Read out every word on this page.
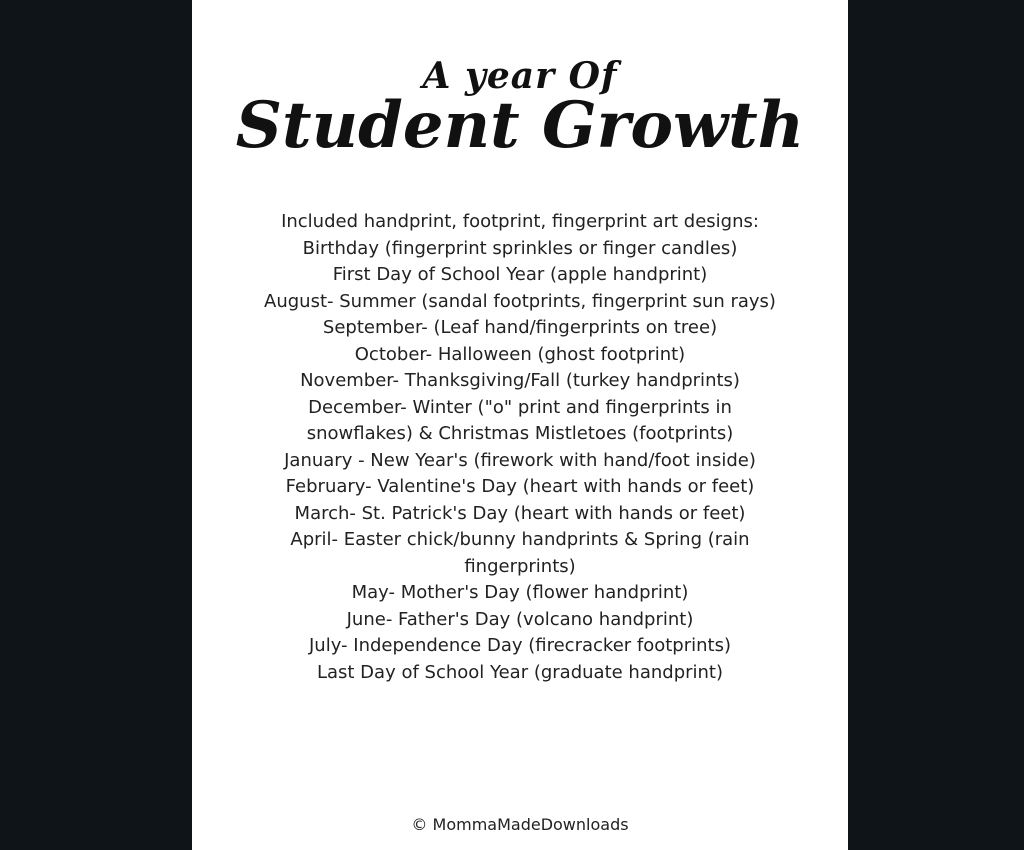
A year Of
Student Growth
Included handprint, footprint, fingerprint art designs:
Birthday (fingerprint sprinkles or finger candles)
First Day of School Year (apple handprint)
August- Summer (sandal footprints, fingerprint sun rays)
September- (Leaf hand/fingerprints on tree)
October- Halloween (ghost footprint)
November- Thanksgiving/Fall (turkey handprints)
December- Winter ("o" print and fingerprints in
snowflakes) & Christmas Mistletoes (footprints)
January - New Year's (firework with hand/foot inside)
February- Valentine's Day (heart with hands or feet)
March- St. Patrick's Day (heart with hands or feet)
April- Easter chick/bunny handprints & Spring (rain
fingerprints)
May- Mother's Day (flower handprint)
June- Father's Day (volcano handprint)
July- Independence Day (firecracker footprints)
Last Day of School Year (graduate handprint)
© MommaMadeDownloads
